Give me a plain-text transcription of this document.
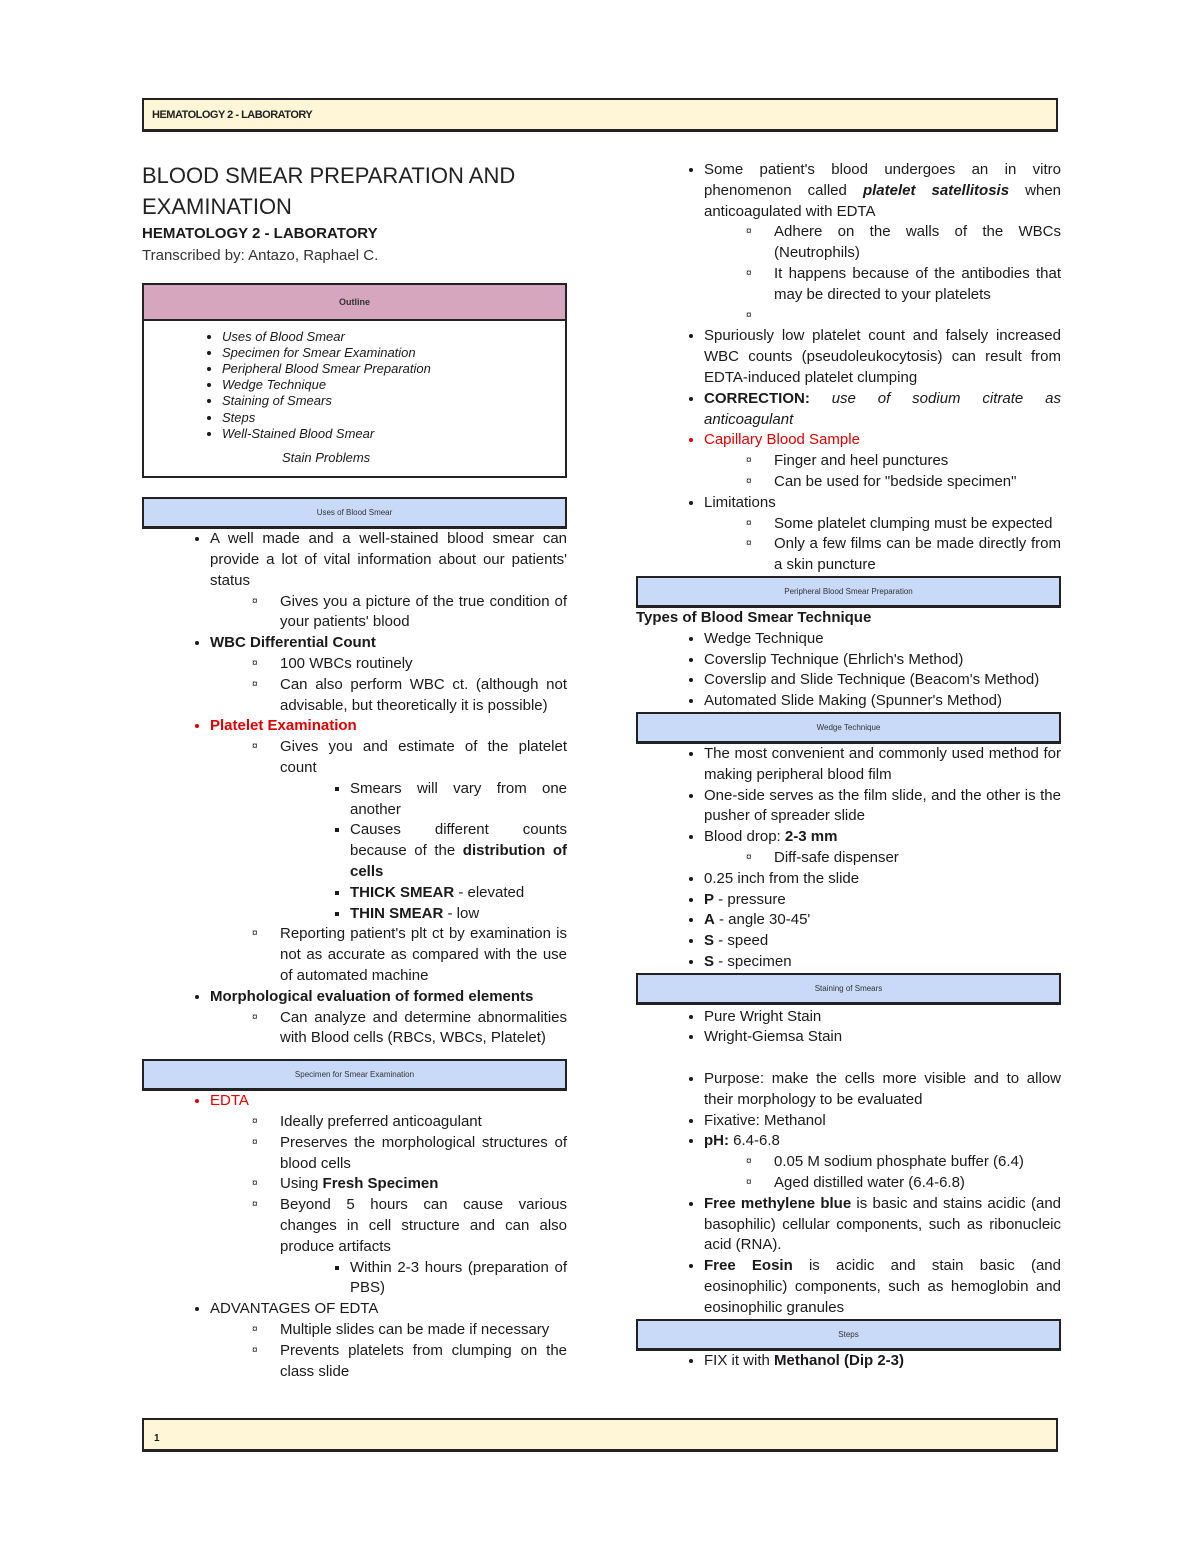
HEMATOLOGY 2 - LABORATORY
BLOOD SMEAR PREPARATION AND
EXAMINATION
HEMATOLOGY 2 - LABORATORY
Transcribed by: Antazo, Raphael C.
Outline
• Uses of Blood Smear
• Specimen for Smear Examination
• Peripheral Blood Smear Preparation
• Wedge Technique
• Staining of Smears
• Steps
• Well-Stained Blood Smear
Stain Problems
Uses of Blood Smear
• A well made and a well-stained blood smear can provide a lot of vital information about our patients' status
¤ Gives you a picture of the true condition of your patients' blood
• WBC Differential Count
¤ 100 WBCs routinely
¤ Can also perform WBC ct. (although not advisable, but theoretically it is possible)
• Platelet Examination
¤ Gives you and estimate of the platelet count
▪ Smears will vary from one another
▪ Causes different counts because of the distribution of cells
▪ THICK SMEAR - elevated
▪ THIN SMEAR - low
¤ Reporting patient's plt ct by examination is not as accurate as compared with the use of automated machine
• Morphological evaluation of formed elements
¤ Can analyze and determine abnormalities with Blood cells (RBCs, WBCs, Platelet)
Specimen for Smear Examination
• EDTA
¤ Ideally preferred anticoagulant
¤ Preserves the morphological structures of blood cells
¤ Using Fresh Specimen
¤ Beyond 5 hours can cause various changes in cell structure and can also produce artifacts
▪ Within 2-3 hours (preparation of PBS)
• ADVANTAGES OF EDTA
¤ Multiple slides can be made if necessary
¤ Prevents platelets from clumping on the class slide
• Some patient's blood undergoes an in vitro phenomenon called platelet satellitosis when anticoagulated with EDTA
¤ Adhere on the walls of the WBCs (Neutrophils)
¤ It happens because of the antibodies that may be directed to your platelets
¤
• Spuriously low platelet count and falsely increased WBC counts (pseudoleukocytosis) can result from EDTA-induced platelet clumping
• CORRECTION: use of sodium citrate as anticoagulant
• Capillary Blood Sample
¤ Finger and heel punctures
¤ Can be used for "bedside specimen"
• Limitations
¤ Some platelet clumping must be expected
¤ Only a few films can be made directly from a skin puncture
Peripheral Blood Smear Preparation

Types of Blood Smear Technique

• Wedge Technique
• Coverslip Technique (Ehrlich's Method)
• Coverslip and Slide Technique (Beacom's Method)
• Automated Slide Making (Spunner's Method)
Wedge Technique
• The most convenient and commonly used method for making peripheral blood film
• One-side serves as the film slide, and the other is the pusher of spreader slide
• Blood drop: 2-3 mm
¤ Diff-safe dispenser
• 0.25 inch from the slide
• P - pressure
• A - angle 30-45'
• S - speed
• S - specimen
Staining of Smears
• Pure Wright Stain
• Wright-Giemsa Stain

• Purpose: make the cells more visible and to allow their morphology to be evaluated
• Fixative: Methanol
• pH: 6.4-6.8
¤ 0.05 M sodium phosphate buffer (6.4)
¤ Aged distilled water (6.4-6.8)
• Free methylene blue is basic and stains acidic (and basophilic) cellular components, such as ribonucleic acid (RNA).
• Free Eosin is acidic and stain basic (and eosinophilic) components, such as hemoglobin and eosinophilic granules
Steps
• FIX it with Methanol (Dip 2-3)
1
